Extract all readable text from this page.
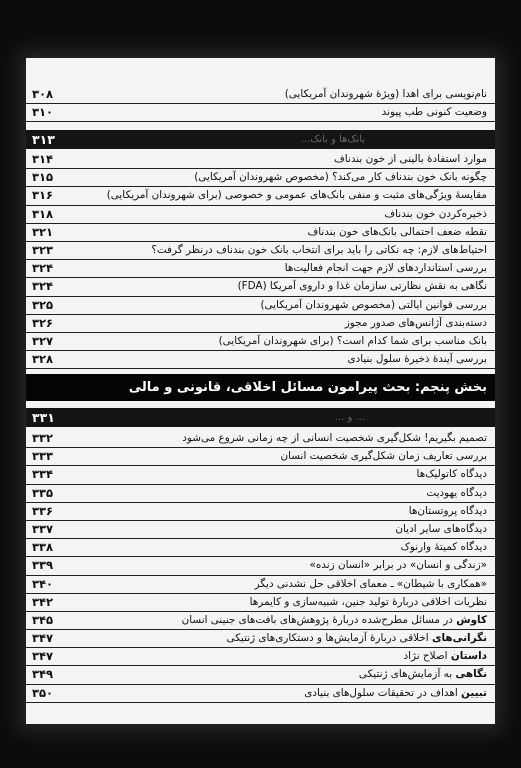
نام‌نویسی برای اهدا (ویژهٔ شهروندان آمریکایی)
۳۰۸
وضعیت کنونی طب پیوند
۳۱۰
بانک‌ها و بانک...
۳۱۳
موارد استفادهٔ بالینی از خون بندناف
۳۱۴
چگونه بانک خون بندناف کار می‌کند؟ (مخصوص شهروندان آمریکایی)
۳۱۵
مقایسهٔ ویژگی‌های مثبت و منفی بانک‌های عمومی و خصوصی (برای شهروندان آمریکایی)
۳۱۶
ذخیره‌کردن خون بندناف
۳۱۸
نقطه ضعف احتمالی بانک‌های خون بندناف
۳۲۱
احتیاط‌های لازم: چه نکاتی را باید برای انتخاب بانک خون بندناف درنظر گرفت؟
۳۲۳
بررسی استانداردهای لازم جهت انجام فعالیت‌ها
۳۲۴
نگاهی به نقش نظارتی سازمان غذا و داروی آمریکا (FDA)
۳۲۴
بررسی قوانین ایالتی (مخصوص شهروندان آمریکایی)
۳۲۵
دسته‌بندی آژانس‌های صدور مجوز
۳۲۶
بانک مناسب برای شما کدام است؟ (برای شهروندان آمریکایی)
۳۲۷
بررسی آیندهٔ ذخیرهٔ سلول بنیادی
۳۲۸
بخش پنجم: بحث پیرامون مسائل اخلاقی، قانونی و مالی
... و ...
۳۳۱
تصمیم بگیریم! شکل‌گیری شخصیت انسانی از چه زمانی شروع می‌شود
۳۳۲
بررسی تعاریف زمان شکل‌گیری شخصیت انسان
۳۳۳
دیدگاه کاتولیک‌ها
۳۳۴
دیدگاه یهودیت
۳۳۵
دیدگاه پروتستان‌ها
۳۳۶
دیدگاه‌های سایر ادیان
۳۳۷
دیدگاه کمیتهٔ وارنوک
۳۳۸
«زندگی و انسان» در برابر «انسان زنده»
۳۳۹
«همکاری با شیطان» ـ معمای اخلاقی حل نشدنی دیگر
۳۴۰
نظریات اخلاقی دربارهٔ تولید جنین، شبیه‌سازی و کایمرها
۳۴۲
کاوش در مسائل مطرح‌شده دربارهٔ پژوهش‌های بافت‌های جنینی انسان
۳۴۵
نگرانی‌های اخلاقی دربارهٔ آزمایش‌ها و دستکاری‌های ژنتیکی
۳۴۷
داستان اصلاح نژاد
۳۴۷
نگاهی به آزمایش‌های ژنتیکی
۳۴۹
تبیین اهداف در تحقیقات سلول‌های بنیادی
۳۵۰
